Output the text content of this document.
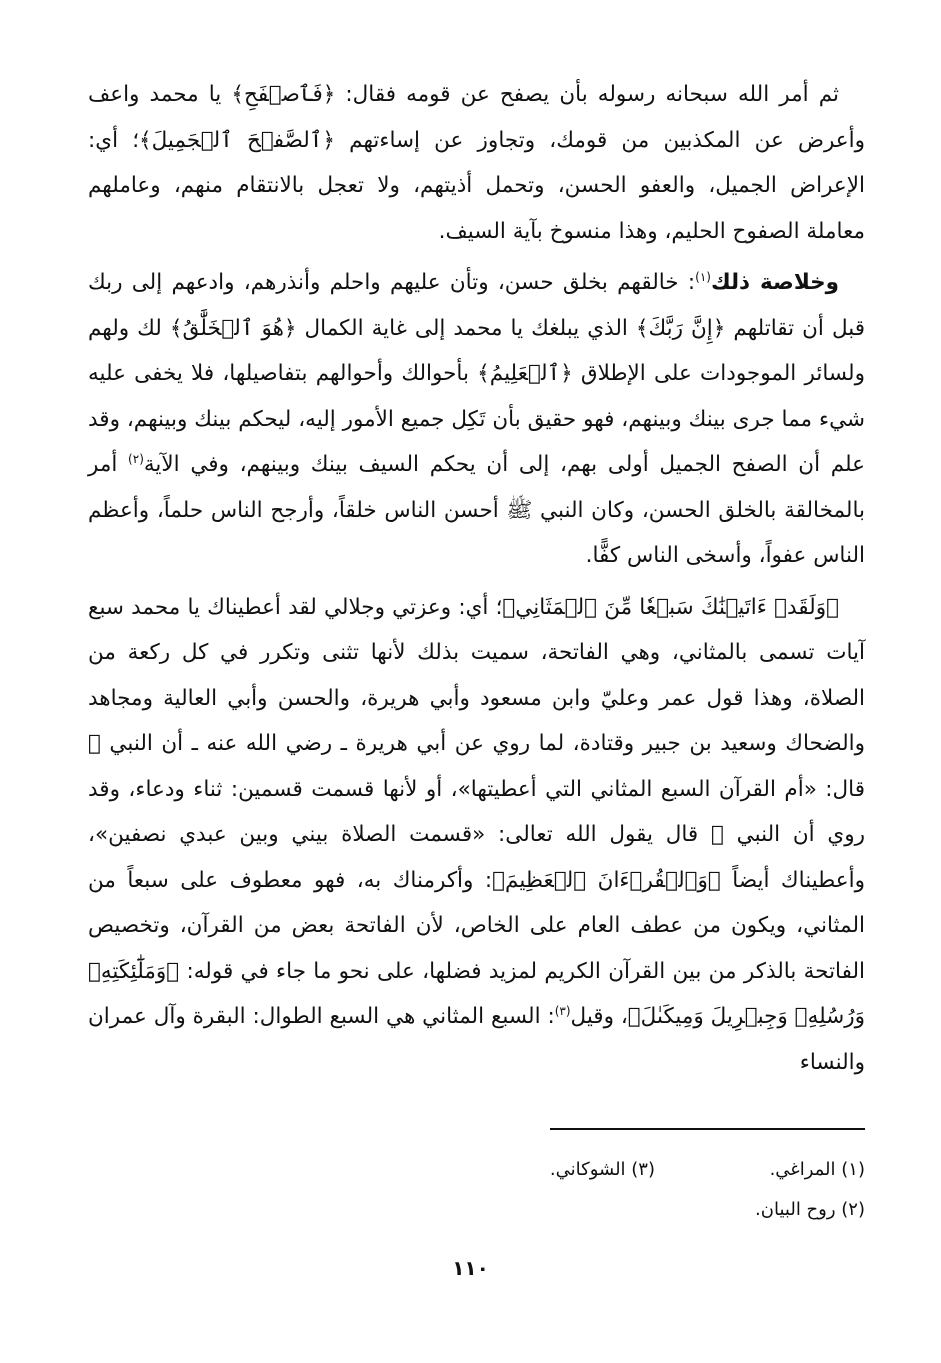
ثم أمر الله سبحانه رسوله بأن يصفح عن قومه فقال: ﴿فَٱصۡفَحِ﴾ يا محمد واعف وأعرض عن المكذبين من قومك، وتجاوز عن إساءتهم ﴿ٱلصَّفۡحَ ٱلۡجَمِيلَ﴾؛ أي: الإعراض الجميل، والعفو الحسن، وتحمل أذيتهم، ولا تعجل بالانتقام منهم، وعاملهم معاملة الصفوح الحليم، وهذا منسوخ بآية السيف.

وخلاصة ذلك$^{(١)}$: خالقهم بخلق حسن، وتأن عليهم واحلم وأنذرهم، وادعهم إلى ربك قبل أن تقاتلهم ﴿إِنَّ رَبَّكَ﴾ الذي يبلغك يا محمد إلى غاية الكمال ﴿هُوَ ٱلۡخَلَّٰقُ﴾ لك ولهم ولسائر الموجودات على الإطلاق ﴿ٱلۡعَلِيمُ﴾ بأحوالك وأحوالهم بتفاصيلها، فلا يخفى عليه شيء مما جرى بينك وبينهم، فهو حقيق بأن تَكِل جميع الأمور إليه، ليحكم بينك وبينهم، وقد علم أن الصفح الجميل أولى بهم، إلى أن يحكم السيف بينك وبينهم، وفي الآية$^{(٢)}$ أمر بالمخالقة بالخلق الحسن، وكان النبي ﷺ أحسن الناس خلقاً، وأرجح الناس حلماً، وأعظم الناس عفواً، وأسخى الناس كفًّا.

﴿وَلَقَدۡ ءَاتَيۡنَٰكَ سَبۡعٗا مِّنَ ٱلۡمَثَانِي﴾؛ أي: وعزتي وجلالي لقد أعطيناك يا محمد سبع آيات تسمى بالمثاني، وهي الفاتحة، سميت بذلك لأنها تثنى وتكرر في كل ركعة من الصلاة، وهذا قول عمر وعليّ وابن مسعود وأبي هريرة، والحسن وأبي العالية ومجاهد والضحاك وسعيد بن جبير وقتادة، لما روي عن أبي هريرة ـ رضي الله عنه ـ أن النبي ﷺ قال: «أم القرآن السبع المثاني التي أعطيتها»، أو لأنها قسمت قسمين: ثناء ودعاء، وقد روي أن النبي ﷺ قال يقول الله تعالى: «قسمت الصلاة بيني وبين عبدي نصفين»، وأعطيناك أيضاً ﴿وَٱلۡقُرۡءَانَ ٱلۡعَظِيمَ﴾: وأكرمناك به، فهو معطوف على سبعاً من المثاني، ويكون من عطف العام على الخاص، لأن الفاتحة بعض من القرآن، وتخصيص الفاتحة بالذكر من بين القرآن الكريم لمزيد فضلها، على نحو ما جاء في قوله: ﴿وَمَلَٰٓئِكَتِهِۦ وَرُسُلِهِۦ وَجِبۡرِيلَ وَمِيكَىٰلَ﴾، وقيل$^{(٣)}$: السبع المثاني هي السبع الطوال: البقرة وآل عمران والنساء

(١) المراغي.
(٣) الشوكاني.
(٢) روح البيان.
١١٠
